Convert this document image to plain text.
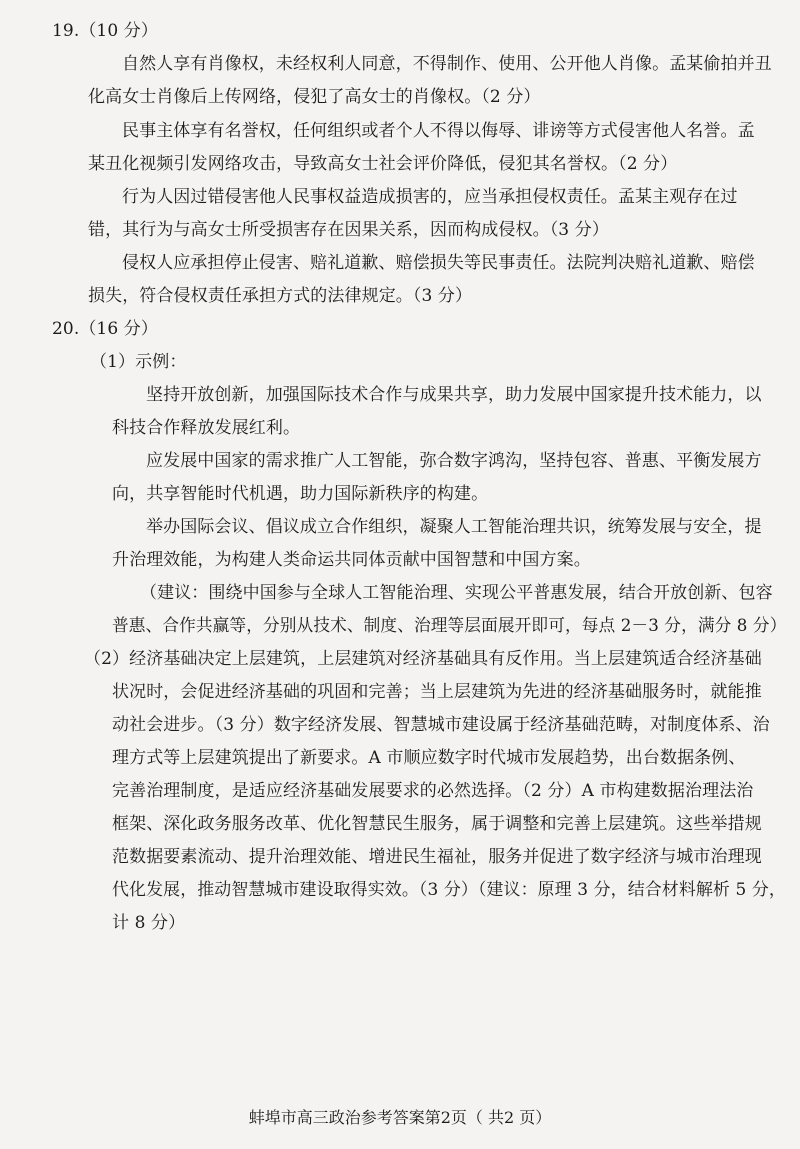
19.（10 分）

自然人享有肖像权，未经权利人同意，不得制作、使用、公开他人肖像。孟某偷拍并丑

化高女士肖像后上传网络，侵犯了高女士的肖像权。（2 分）

民事主体享有名誉权，任何组织或者个人不得以侮辱、诽谤等方式侵害他人名誉。孟

某丑化视频引发网络攻击，导致高女士社会评价降低，侵犯其名誉权。（2 分）

行为人因过错侵害他人民事权益造成损害的，应当承担侵权责任。孟某主观存在过

错，其行为与高女士所受损害存在因果关系，因而构成侵权。（3 分）

侵权人应承担停止侵害、赔礼道歉、赔偿损失等民事责任。法院判决赔礼道歉、赔偿

损失，符合侵权责任承担方式的法律规定。（3 分）

20.（16 分）

（1）示例：

坚持开放创新，加强国际技术合作与成果共享，助力发展中国家提升技术能力，以

科技合作释放发展红利。

应发展中国家的需求推广人工智能，弥合数字鸿沟，坚持包容、普惠、平衡发展方

向，共享智能时代机遇，助力国际新秩序的构建。

举办国际会议、倡议成立合作组织，凝聚人工智能治理共识，统筹发展与安全，提

升治理效能，为构建人类命运共同体贡献中国智慧和中国方案。

（建议：围绕中国参与全球人工智能治理、实现公平普惠发展，结合开放创新、包容

普惠、合作共赢等，分别从技术、制度、治理等层面展开即可，每点 2－3 分，满分 8 分）

（2）经济基础决定上层建筑，上层建筑对经济基础具有反作用。当上层建筑适合经济基础

状况时，会促进经济基础的巩固和完善；当上层建筑为先进的经济基础服务时，就能推

动社会进步。（3 分）数字经济发展、智慧城市建设属于经济基础范畴，对制度体系、治

理方式等上层建筑提出了新要求。A 市顺应数字时代城市发展趋势，出台数据条例、

完善治理制度，是适应经济基础发展要求的必然选择。（2 分）A 市构建数据治理法治

框架、深化政务服务改革、优化智慧民生服务，属于调整和完善上层建筑。这些举措规

范数据要素流动、提升治理效能、增进民生福祉，服务并促进了数字经济与城市治理现

代化发展，推动智慧城市建设取得实效。（3 分）（建议：原理 3 分，结合材料解析 5 分，

计 8 分）

蚌埠市高三政治参考答案第2页（ 共2 页）
